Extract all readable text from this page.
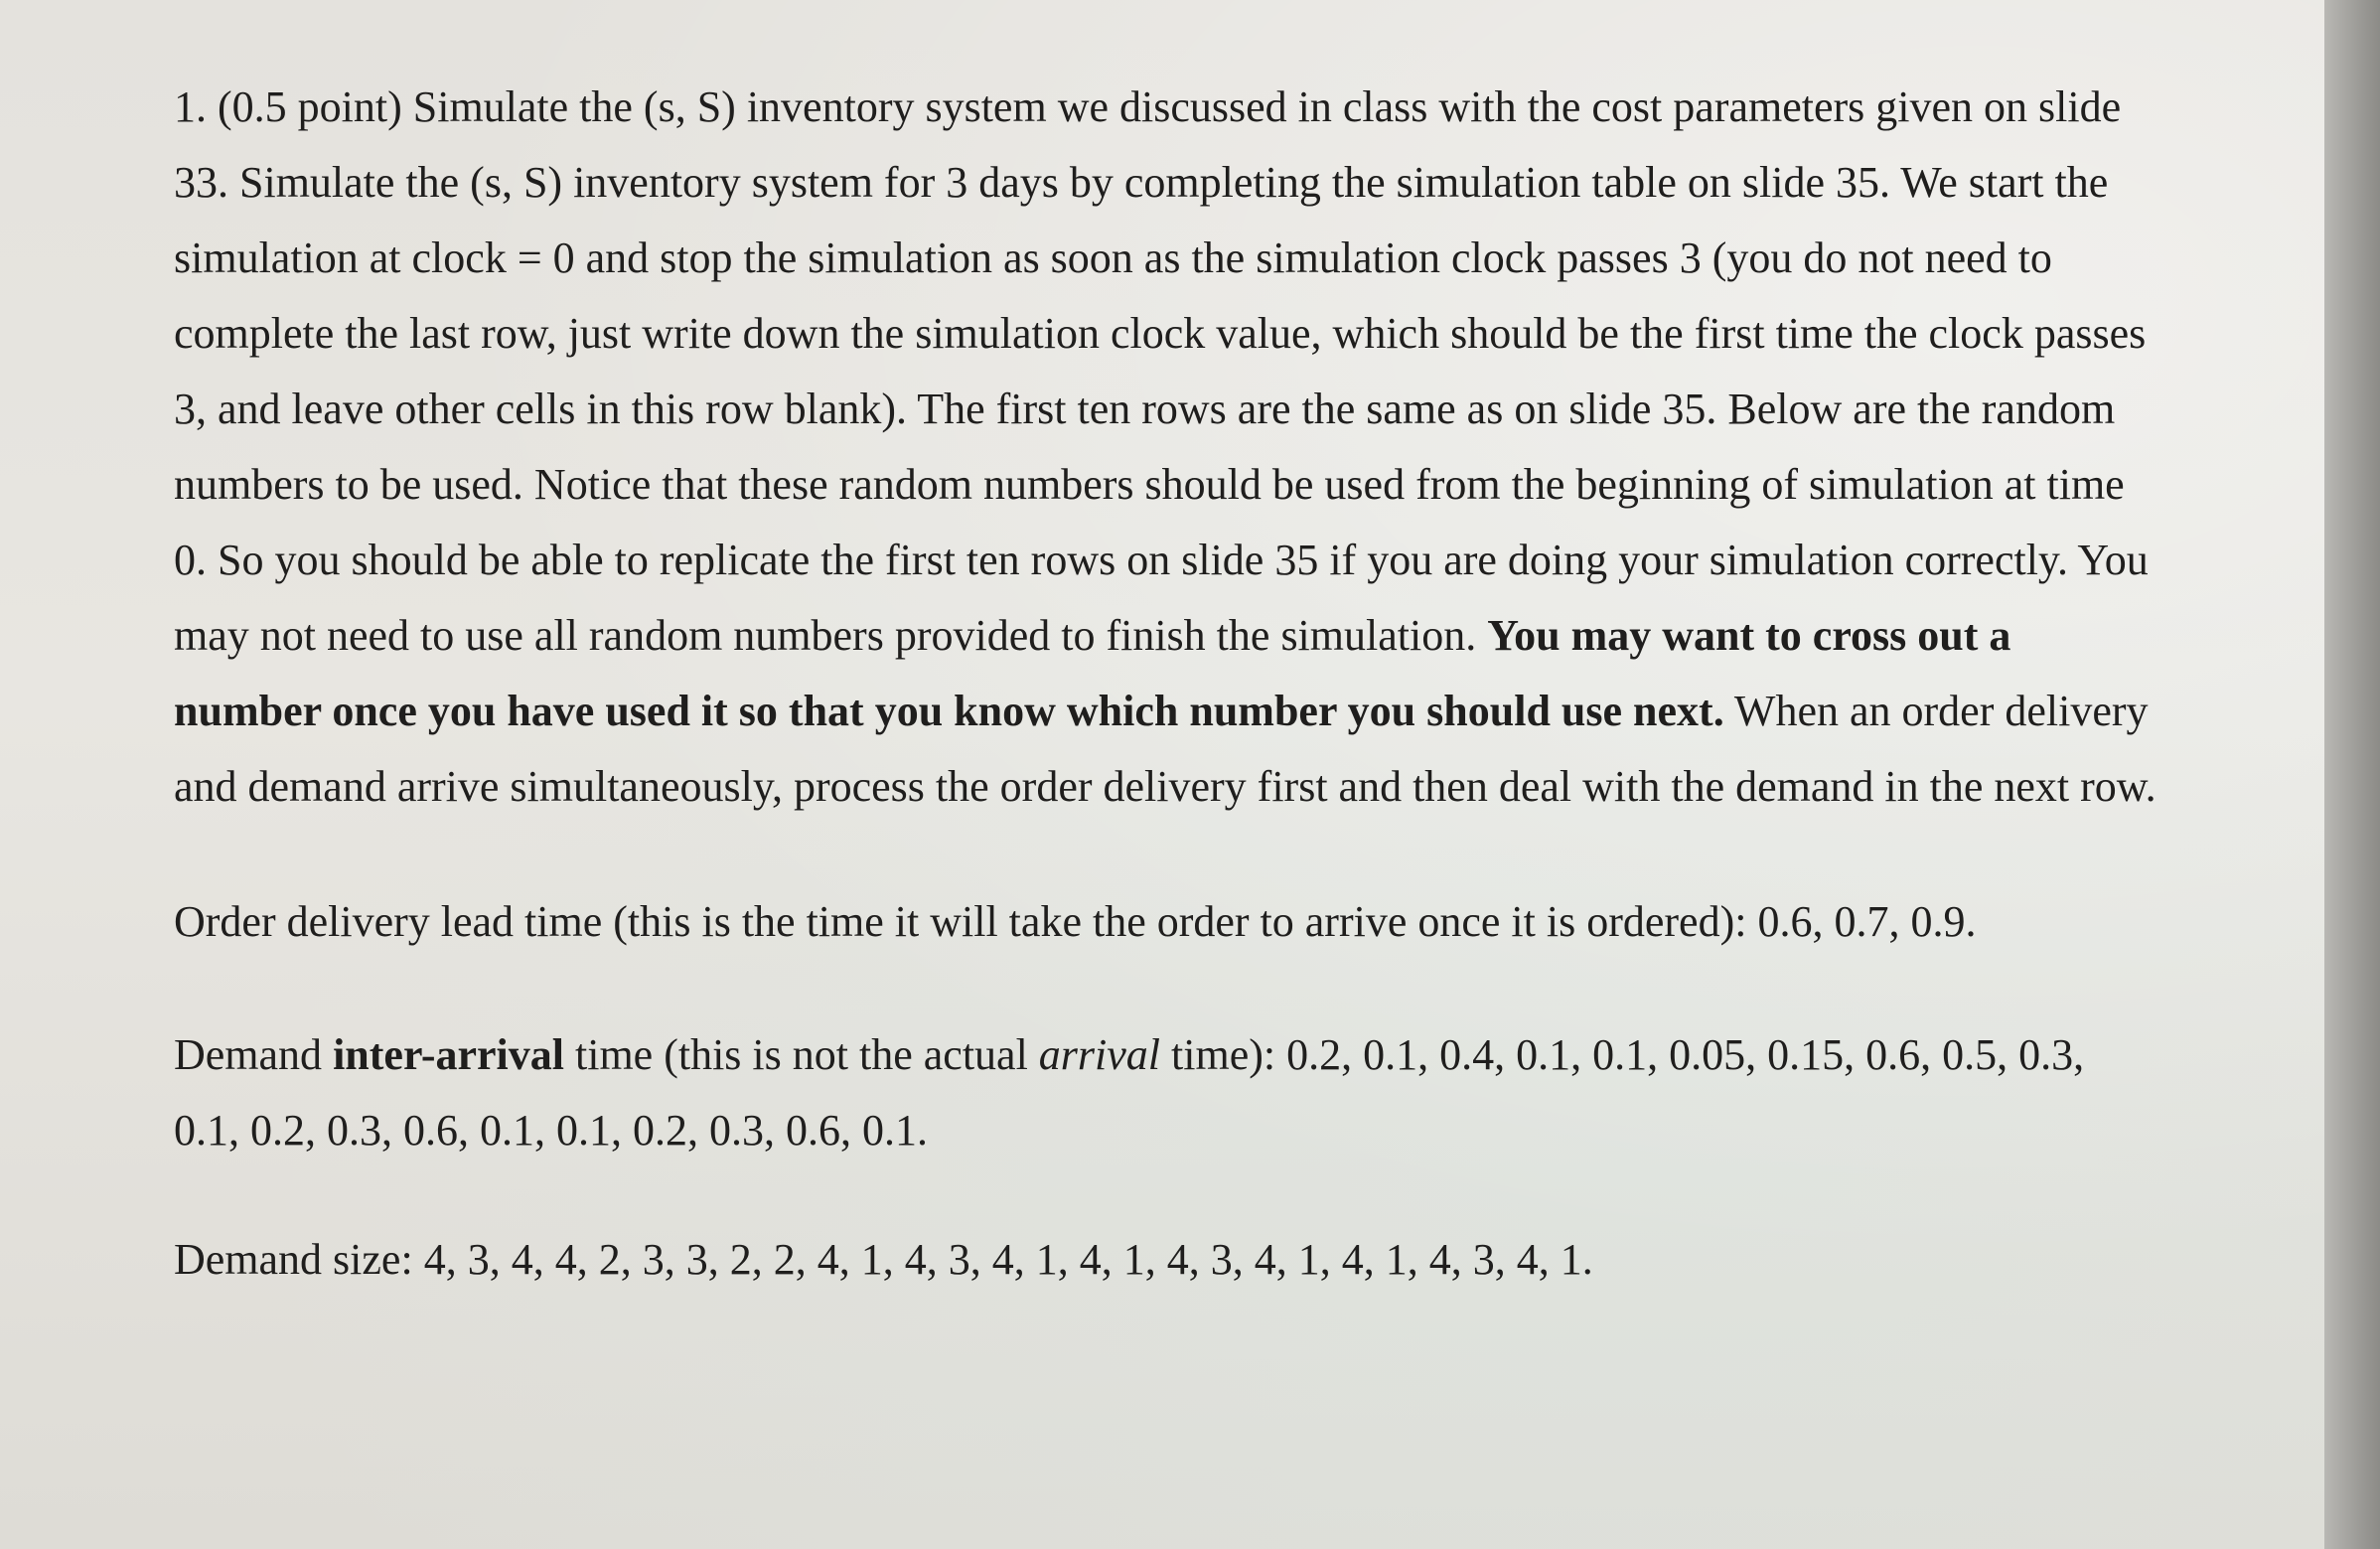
1. (0.5 point) Simulate the (s, S) inventory system we discussed in class with the cost parameters given on slide 33. Simulate the (s, S) inventory system for 3 days by completing the simulation table on slide 35. We start the simulation at clock = 0 and stop the simulation as soon as the simulation clock passes 3 (you do not need to complete the last row, just write down the simulation clock value, which should be the first time the clock passes 3, and leave other cells in this row blank). The first ten rows are the same as on slide 35. Below are the random numbers to be used. Notice that these random numbers should be used from the beginning of simulation at time 0. So you should be able to replicate the first ten rows on slide 35 if you are doing your simulation correctly. You may not need to use all random numbers provided to finish the simulation. You may want to cross out a number once you have used it so that you know which number you should use next. When an order delivery and demand arrive simultaneously, process the order delivery first and then deal with the demand in the next row.

Order delivery lead time (this is the time it will take the order to arrive once it is ordered): 0.6, 0.7, 0.9.

Demand inter-arrival time (this is not the actual arrival time): 0.2, 0.1, 0.4, 0.1, 0.1, 0.05, 0.15, 0.6, 0.5, 0.3, 0.1, 0.2, 0.3, 0.6, 0.1, 0.1, 0.2, 0.3, 0.6, 0.1.

Demand size: 4, 3, 4, 4, 2, 3, 3, 2, 2, 4, 1, 4, 3, 4, 1, 4, 1, 4, 3, 4, 1, 4, 1, 4, 3, 4, 1.
